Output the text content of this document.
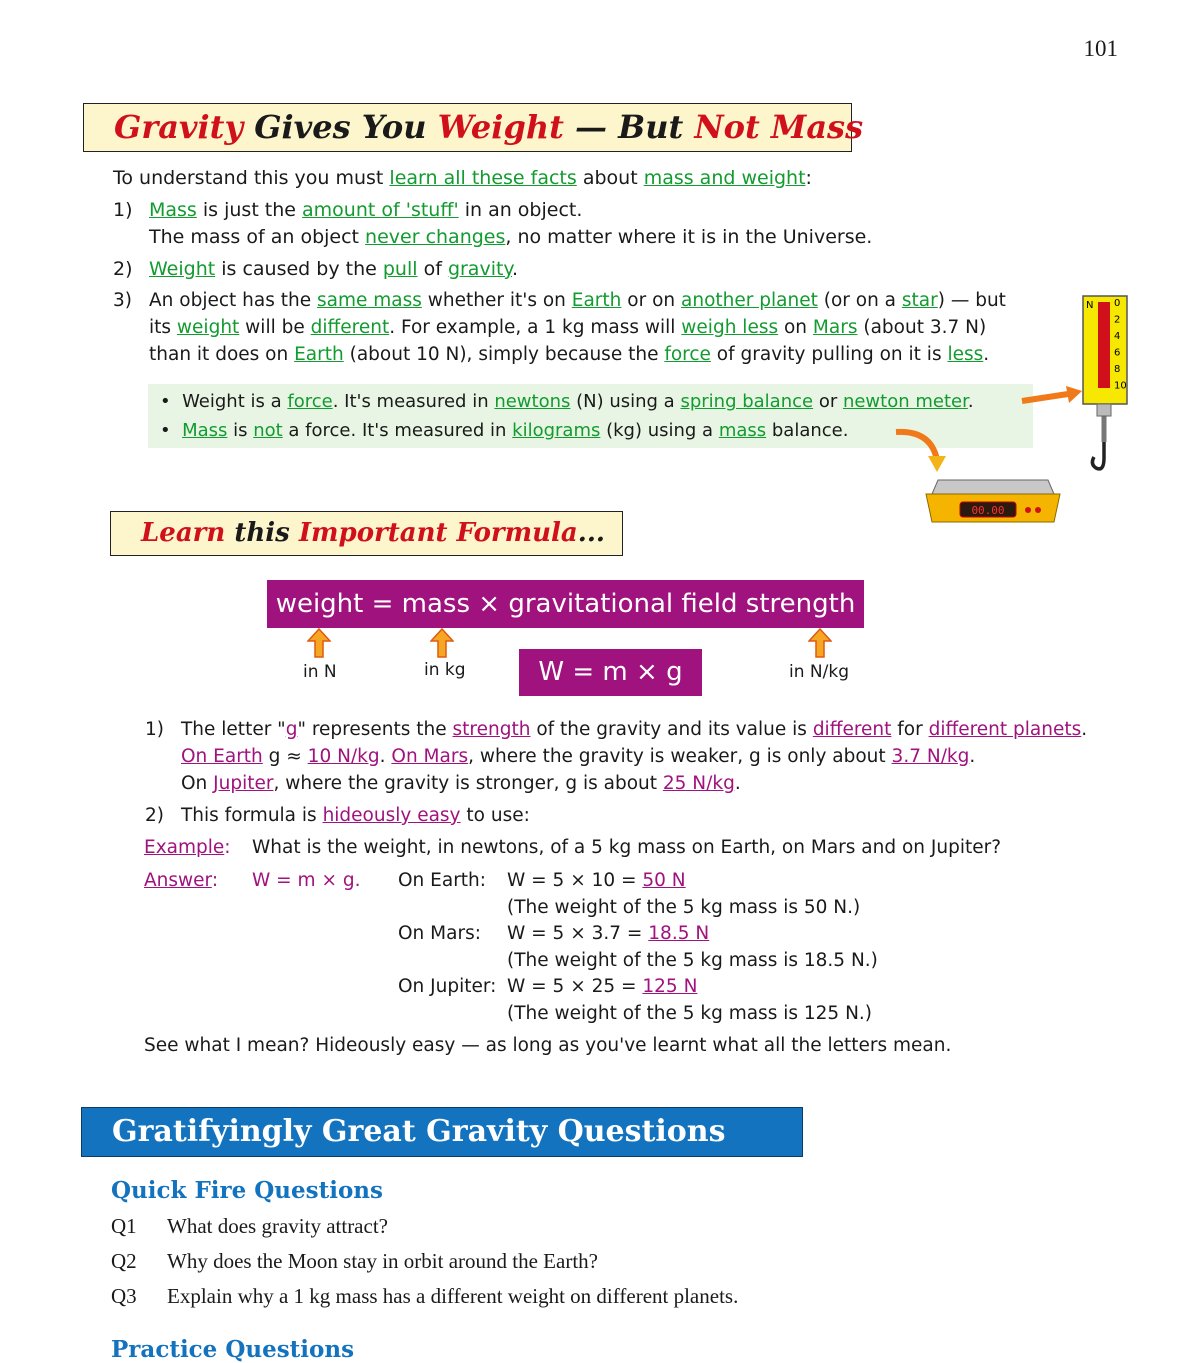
101
Gravity Gives You Weight — But Not Mass
To understand this you must learn all these facts about mass and weight:
1) Mass is just the amount of 'stuff' in an object.
The mass of an object never changes, no matter where it is in the Universe.
2) Weight is caused by the pull of gravity.
3) An object has the same mass whether it's on Earth or on another planet (or on a star) — but
its weight will be different. For example, a 1 kg mass will weigh less on Mars (about 3.7 N)
than it does on Earth (about 10 N), simply because the force of gravity pulling on it is less.
•  Weight is a force. It's measured in newtons (N) using a spring balance or newton meter.
•  Mass is not a force. It's measured in kilograms (kg) using a mass balance.
N 0
2
4
6
8
10
00.00
Learn this Important Formula...
weight = mass × gravitational field strength
in N	in kg	in N/kg
W = m × g
1) The letter "g" represents the strength of the gravity and its value is different for different planets.
On Earth g ≈ 10 N/kg. On Mars, where the gravity is weaker, g is only about 3.7 N/kg.
On Jupiter, where the gravity is stronger, g is about 25 N/kg.
2) This formula is hideously easy to use:
Example: What is the weight, in newtons, of a 5 kg mass on Earth, on Mars and on Jupiter?
Answer: W = m × g. On Earth: W = 5 × 10 = 50 N
(The weight of the 5 kg mass is 50 N.)
On Mars: W = 5 × 3.7 = 18.5 N
(The weight of the 5 kg mass is 18.5 N.)
On Jupiter: W = 5 × 25 = 125 N
(The weight of the 5 kg mass is 125 N.)
See what I mean? Hideously easy — as long as you've learnt what all the letters mean.
Gratifyingly Great Gravity Questions
Quick Fire Questions
Q1 What does gravity attract?
Q2 Why does the Moon stay in orbit around the Earth?
Q3 Explain why a 1 kg mass has a different weight on different planets.
Practice Questions
